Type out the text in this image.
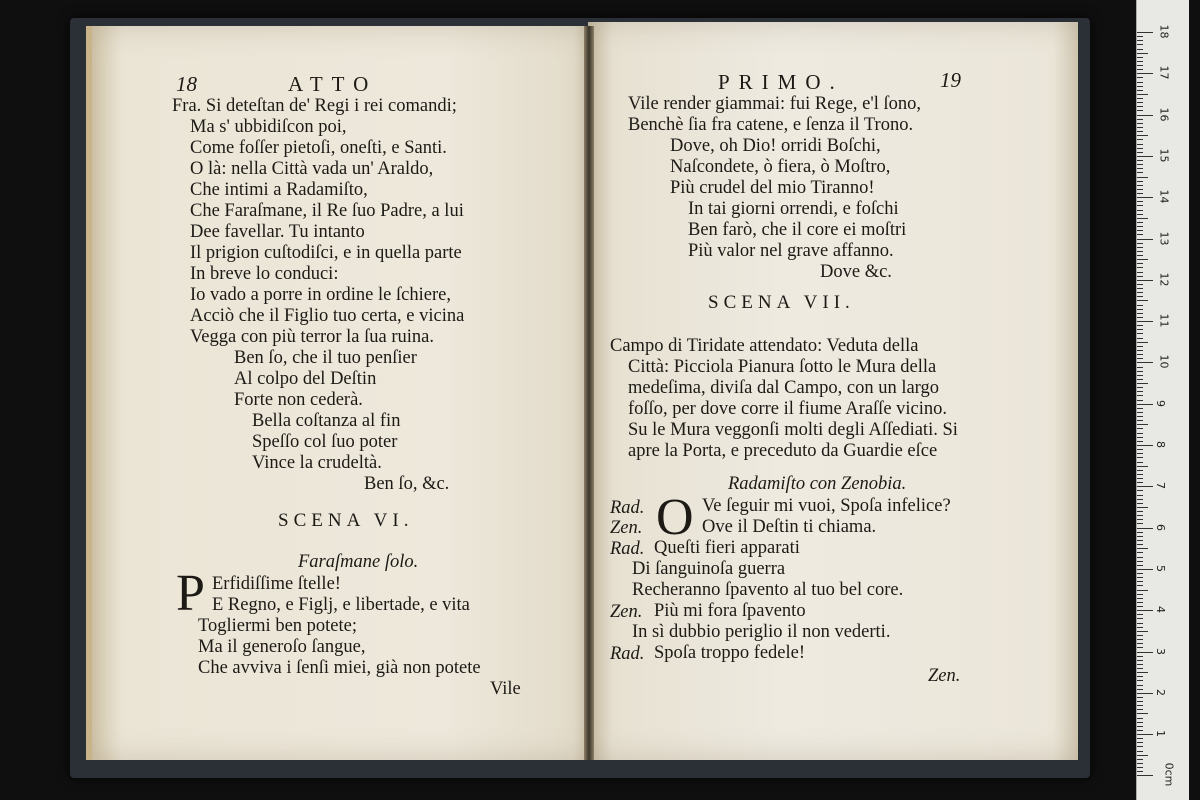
18	ATTO
Fra. Si deteſtan de' Regi i rei comandi;
Ma s' ubbidiſcon poi,
Come foſſer pietoſi, oneſti, e Santi.
O là: nella Città vada un' Araldo,
Che intimi a Radamiſto,
Che Faraſmane, il Re ſuo Padre, a lui
Dee favellar. Tu intanto
Il prigion cuſtodiſci, e in quella parte
In breve lo conduci:
Io vado a porre in ordine le ſchiere,
Acciò che il Figlio tuo certa, e vicina
Vegga con più terror la ſua ruina.
Ben ſo, che il tuo penſier
Al colpo del Deſtin
Forte non cederà.
Bella coſtanza al fin
Speſſo col ſuo poter
Vince la crudeltà.
Ben ſo, &c.
SCENA VI.
Faraſmane ſolo.
P Erfidiſſime ſtelle!
E Regno, e Figlj, e libertade, e vita
Togliermi ben potete;
Ma il generoſo ſangue,
Che avviva i ſenſi miei, già non potete
Vile
PRIMO.	19
Vile render giammai: fui Rege, e'l ſono,
Benchè ſia fra catene, e ſenza il Trono.
Dove, oh Dio! orridi Boſchi,
Naſcondete, ò fiera, ò Moſtro,
Più crudel del mio Tiranno!
In tai giorni orrendi, e foſchi
Ben farò, che il core ei moſtri
Più valor nel grave affanno.
Dove &c.
SCENA VII.
Campo di Tiridate attendato: Veduta della
Città: Picciola Pianura ſotto le Mura della
medeſima, diviſa dal Campo, con un largo
foſſo, per dove corre il fiume Araſſe vicino.
Su le Mura veggonſi molti degli Aſſediati. Si
apre la Porta, e preceduto da Guardie eſce
Radamiſto con Zenobia.
O
Rad.	Ve ſeguir mi vuoi, Spoſa infelice?
Zen.	Ove il Deſtin ti chiama.
Rad. Queſti fieri apparati
Di ſanguinoſa guerra
Recheranno ſpavento al tuo bel core.
Zen. Più mi fora ſpavento
In sì dubbio periglio il non vederti.
Rad. Spoſa troppo fedele!
Zen.
18
17
16
15
14
13
12
11
10
9
8
7
6
5
4
3
2
1
0cm
